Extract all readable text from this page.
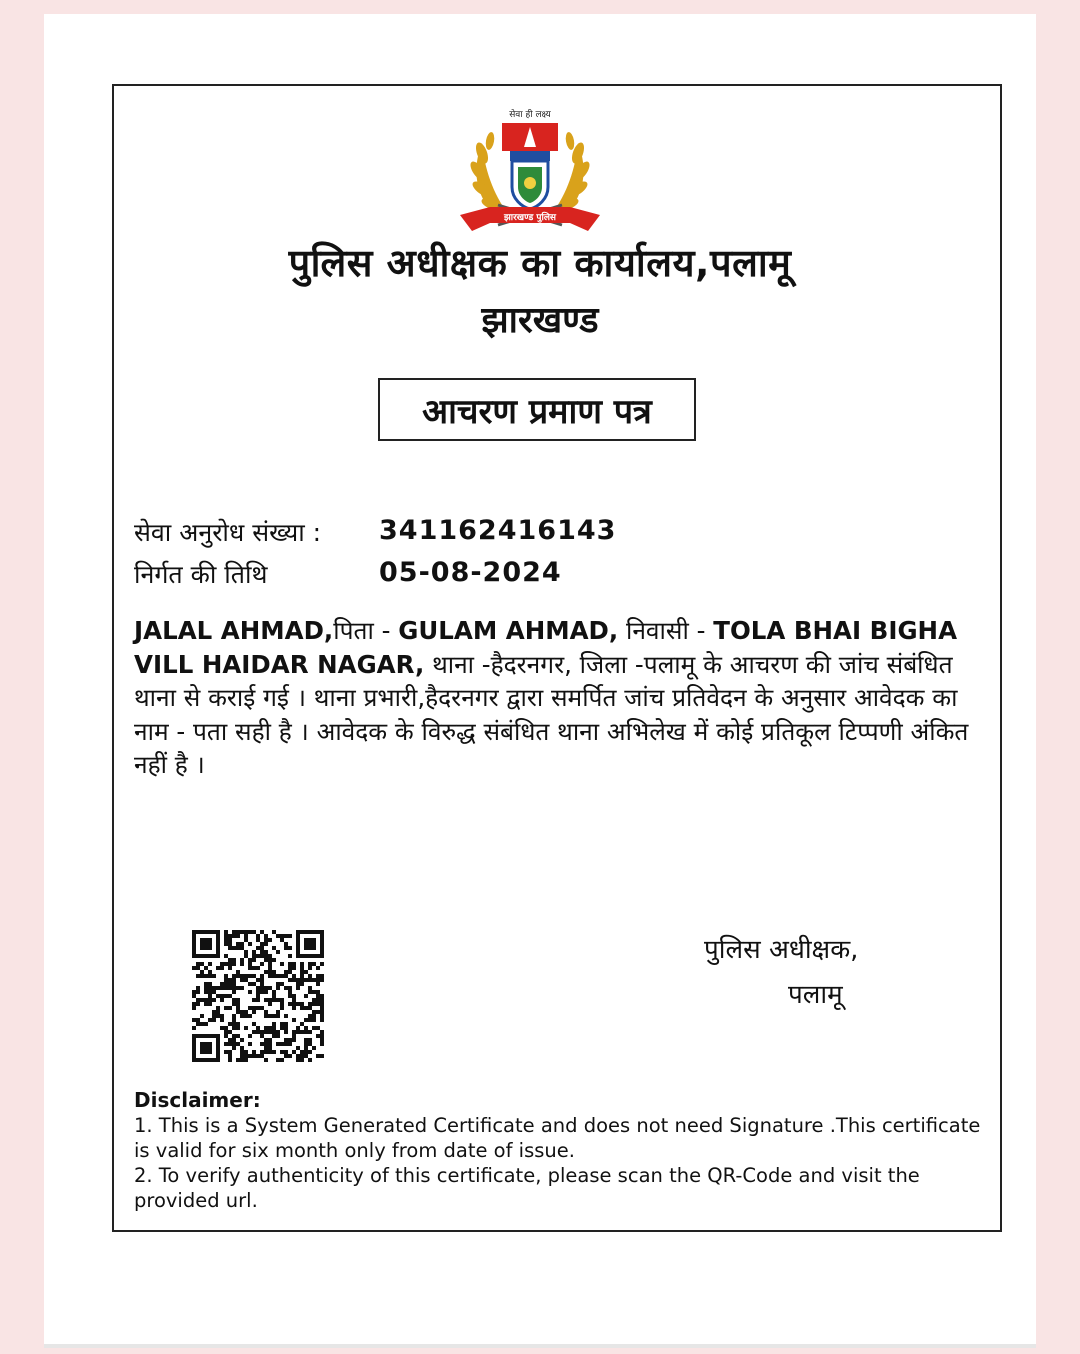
सेवा ही लक्ष्य
झारखण्ड पुलिस
पुलिस अधीक्षक का कार्यालय,पलामू
झारखण्ड
आचरण प्रमाण पत्र
सेवा अनुरोध संख्या : 341162416143
निर्गत की तिथि	05-08-2024
JALAL AHMAD,पिता - GULAM AHMAD, निवासी - TOLA BHAI BIGHA VILL HAIDAR NAGAR, थाना -हैदरनगर, जिला -पलामू के आचरण की जांच संबंधित थाना से कराई गई । थाना प्रभारी,हैदरनगर द्वारा समर्पित जांच प्रतिवेदन के अनुसार आवेदक का नाम - पता सही है । आवेदक के विरुद्ध संबंधित थाना अभिलेख में कोई प्रतिकूल टिप्पणी अंकित नहीं है ।
पुलिस अधीक्षक,
पलामू
Disclaimer:
1. This is a System Generated Certificate and does not need Signature .This certificate is valid for six month only from date of issue.
2. To verify authenticity of this certificate, please scan the QR-Code and visit the provided url.
